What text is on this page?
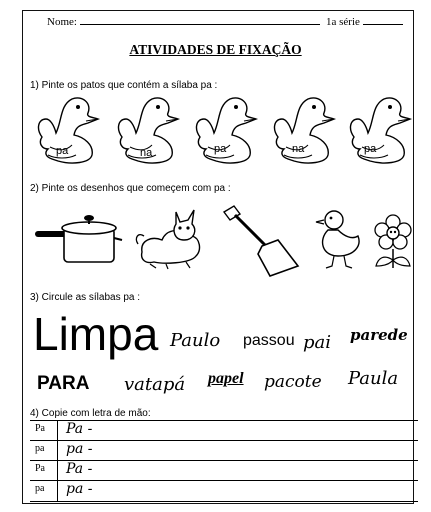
Nome:	1a série
ATIVIDADES DE FIXAÇÃO
1) Pinte os patos que contém a sílaba pa :
pa	na	pa	na	pa
2) Pinte os desenhos que começem com pa :
3) Circule as sílabas pa :
Limpa Paulo passou pai parede
PARA vatapá papel pacote Paula
4) Copie com letra de mão:
Pa	Pa -
pa	pa -
Pa	Pa -
pa	pa -
